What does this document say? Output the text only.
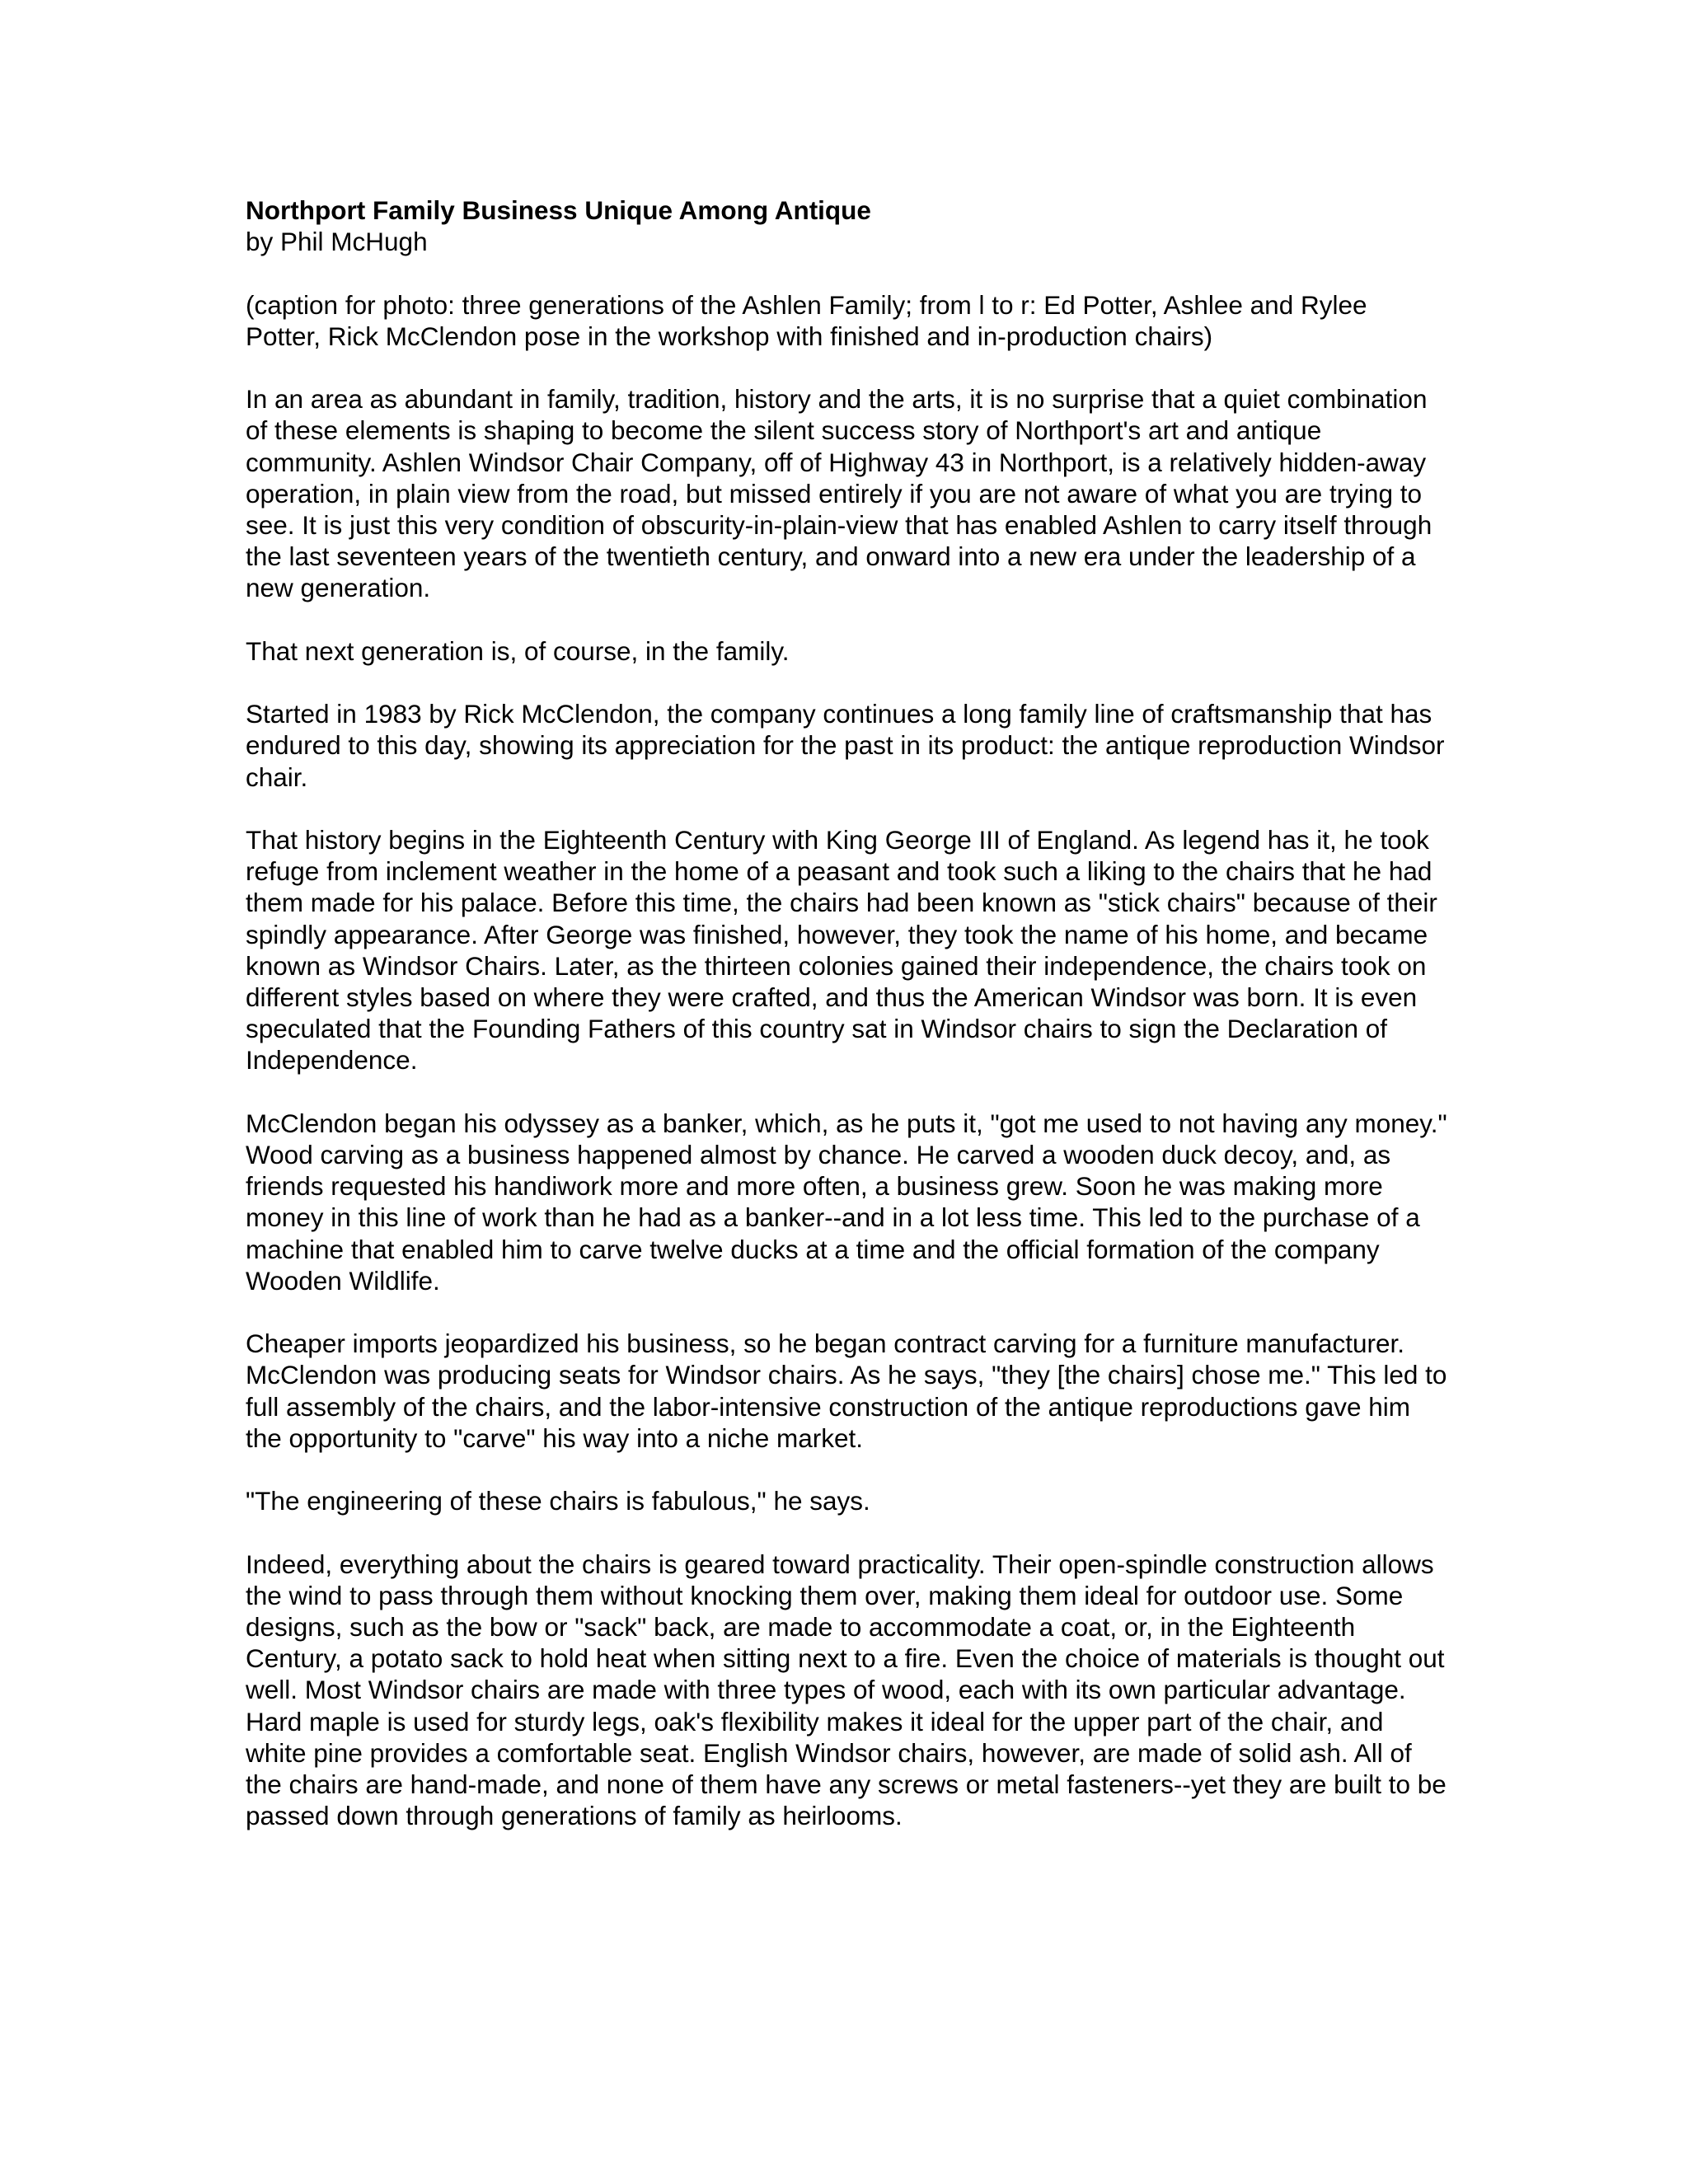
Northport Family Business Unique Among Antique
by Phil McHugh

(caption for photo: three generations of the Ashlen Family; from l to r: Ed Potter, Ashlee and Rylee Potter, Rick McClendon pose in the workshop with finished and in-production chairs)

In an area as abundant in family, tradition, history and the arts, it is no surprise that a quiet combination of these elements is shaping to become the silent success story of Northport's art and antique community. Ashlen Windsor Chair Company, off of Highway 43 in Northport, is a relatively hidden-away operation, in plain view from the road, but missed entirely if you are not aware of what you are trying to see. It is just this very condition of obscurity-in-plain-view that has enabled Ashlen to carry itself through the last seventeen years of the twentieth century, and onward into a new era under the leadership of a new generation.

That next generation is, of course, in the family.

Started in 1983 by Rick McClendon, the company continues a long family line of craftsmanship that has endured to this day, showing its appreciation for the past in its product: the antique reproduction Windsor chair.

That history begins in the Eighteenth Century with King George III of England. As legend has it, he took refuge from inclement weather in the home of a peasant and took such a liking to the chairs that he had them made for his palace. Before this time, the chairs had been known as "stick chairs" because of their spindly appearance. After George was finished, however, they took the name of his home, and became known as Windsor Chairs. Later, as the thirteen colonies gained their independence, the chairs took on different styles based on where they were crafted, and thus the American Windsor was born. It is even speculated that the Founding Fathers of this country sat in Windsor chairs to sign the Declaration of Independence.

McClendon began his odyssey as a banker, which, as he puts it, "got me used to not having any money." Wood carving as a business happened almost by chance. He carved a wooden duck decoy, and, as friends requested his handiwork more and more often, a business grew. Soon he was making more money in this line of work than he had as a banker--and in a lot less time. This led to the purchase of a machine that enabled him to carve twelve ducks at a time and the official formation of the company Wooden Wildlife.

Cheaper imports jeopardized his business, so he began contract carving for a furniture manufacturer. McClendon was producing seats for Windsor chairs. As he says, "they [the chairs] chose me." This led to full assembly of the chairs, and the labor-intensive construction of the antique reproductions gave him the opportunity to "carve" his way into a niche market.

"The engineering of these chairs is fabulous," he says.

Indeed, everything about the chairs is geared toward practicality. Their open-spindle construction allows the wind to pass through them without knocking them over, making them ideal for outdoor use. Some designs, such as the bow or "sack" back, are made to accommodate a coat, or, in the Eighteenth Century, a potato sack to hold heat when sitting next to a fire. Even the choice of materials is thought out well. Most Windsor chairs are made with three types of wood, each with its own particular advantage. Hard maple is used for sturdy legs, oak's flexibility makes it ideal for the upper part of the chair, and white pine provides a comfortable seat. English Windsor chairs, however, are made of solid ash. All of the chairs are hand-made, and none of them have any screws or metal fasteners--yet they are built to be passed down through generations of family as heirlooms.
